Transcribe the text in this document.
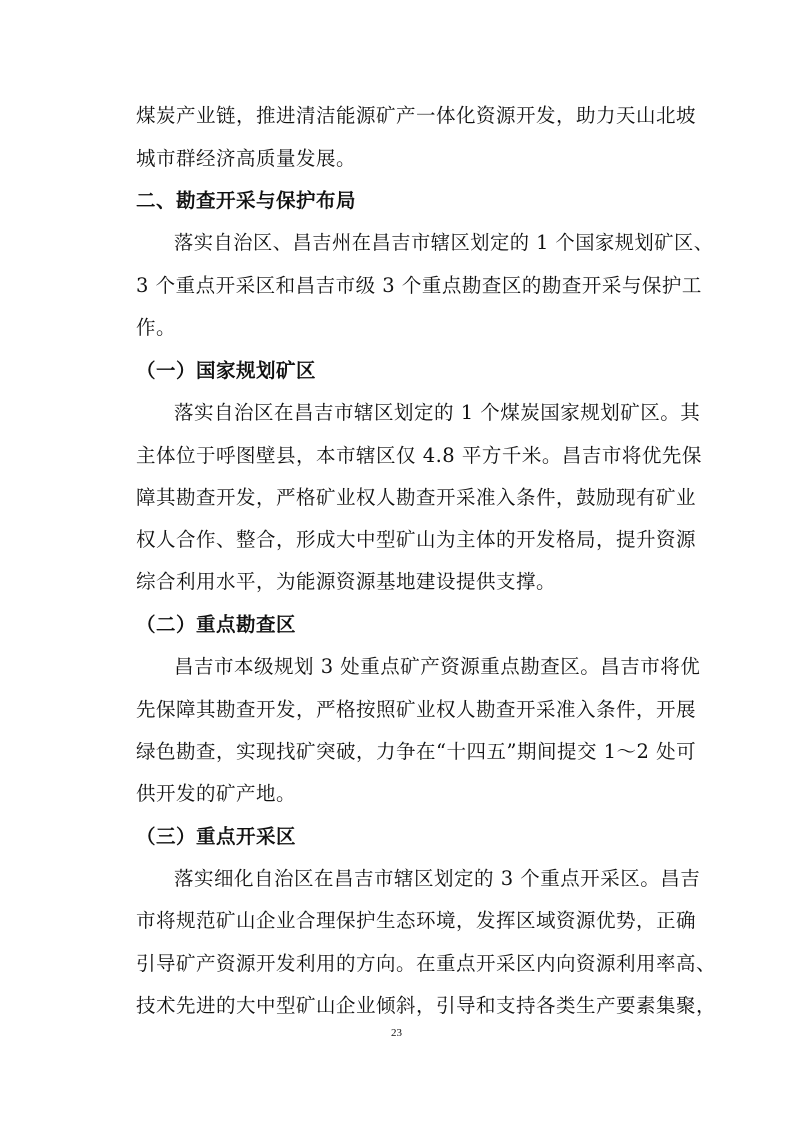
煤炭产业链，推进清洁能源矿产一体化资源开发，助力天山北坡
城市群经济高质量发展。
二、勘查开采与保护布局
落实自治区、昌吉州在昌吉市辖区划定的 1 个国家规划矿区、
3 个重点开采区和昌吉市级 3 个重点勘查区的勘查开采与保护工
作。
（一）国家规划矿区
落实自治区在昌吉市辖区划定的 1 个煤炭国家规划矿区。其
主体位于呼图壁县，本市辖区仅 4.8 平方千米。昌吉市将优先保
障其勘查开发，严格矿业权人勘查开采准入条件，鼓励现有矿业
权人合作、整合，形成大中型矿山为主体的开发格局，提升资源
综合利用水平，为能源资源基地建设提供支撑。
（二）重点勘查区
昌吉市本级规划 3 处重点矿产资源重点勘查区。昌吉市将优
先保障其勘查开发，严格按照矿业权人勘查开采准入条件，开展
绿色勘查，实现找矿突破，力争在“十四五”期间提交 1～2 处可
供开发的矿产地。
（三）重点开采区
落实细化自治区在昌吉市辖区划定的 3 个重点开采区。昌吉
市将规范矿山企业合理保护生态环境，发挥区域资源优势，正确
引导矿产资源开发利用的方向。在重点开采区内向资源利用率高、
技术先进的大中型矿山企业倾斜，引导和支持各类生产要素集聚，
23
